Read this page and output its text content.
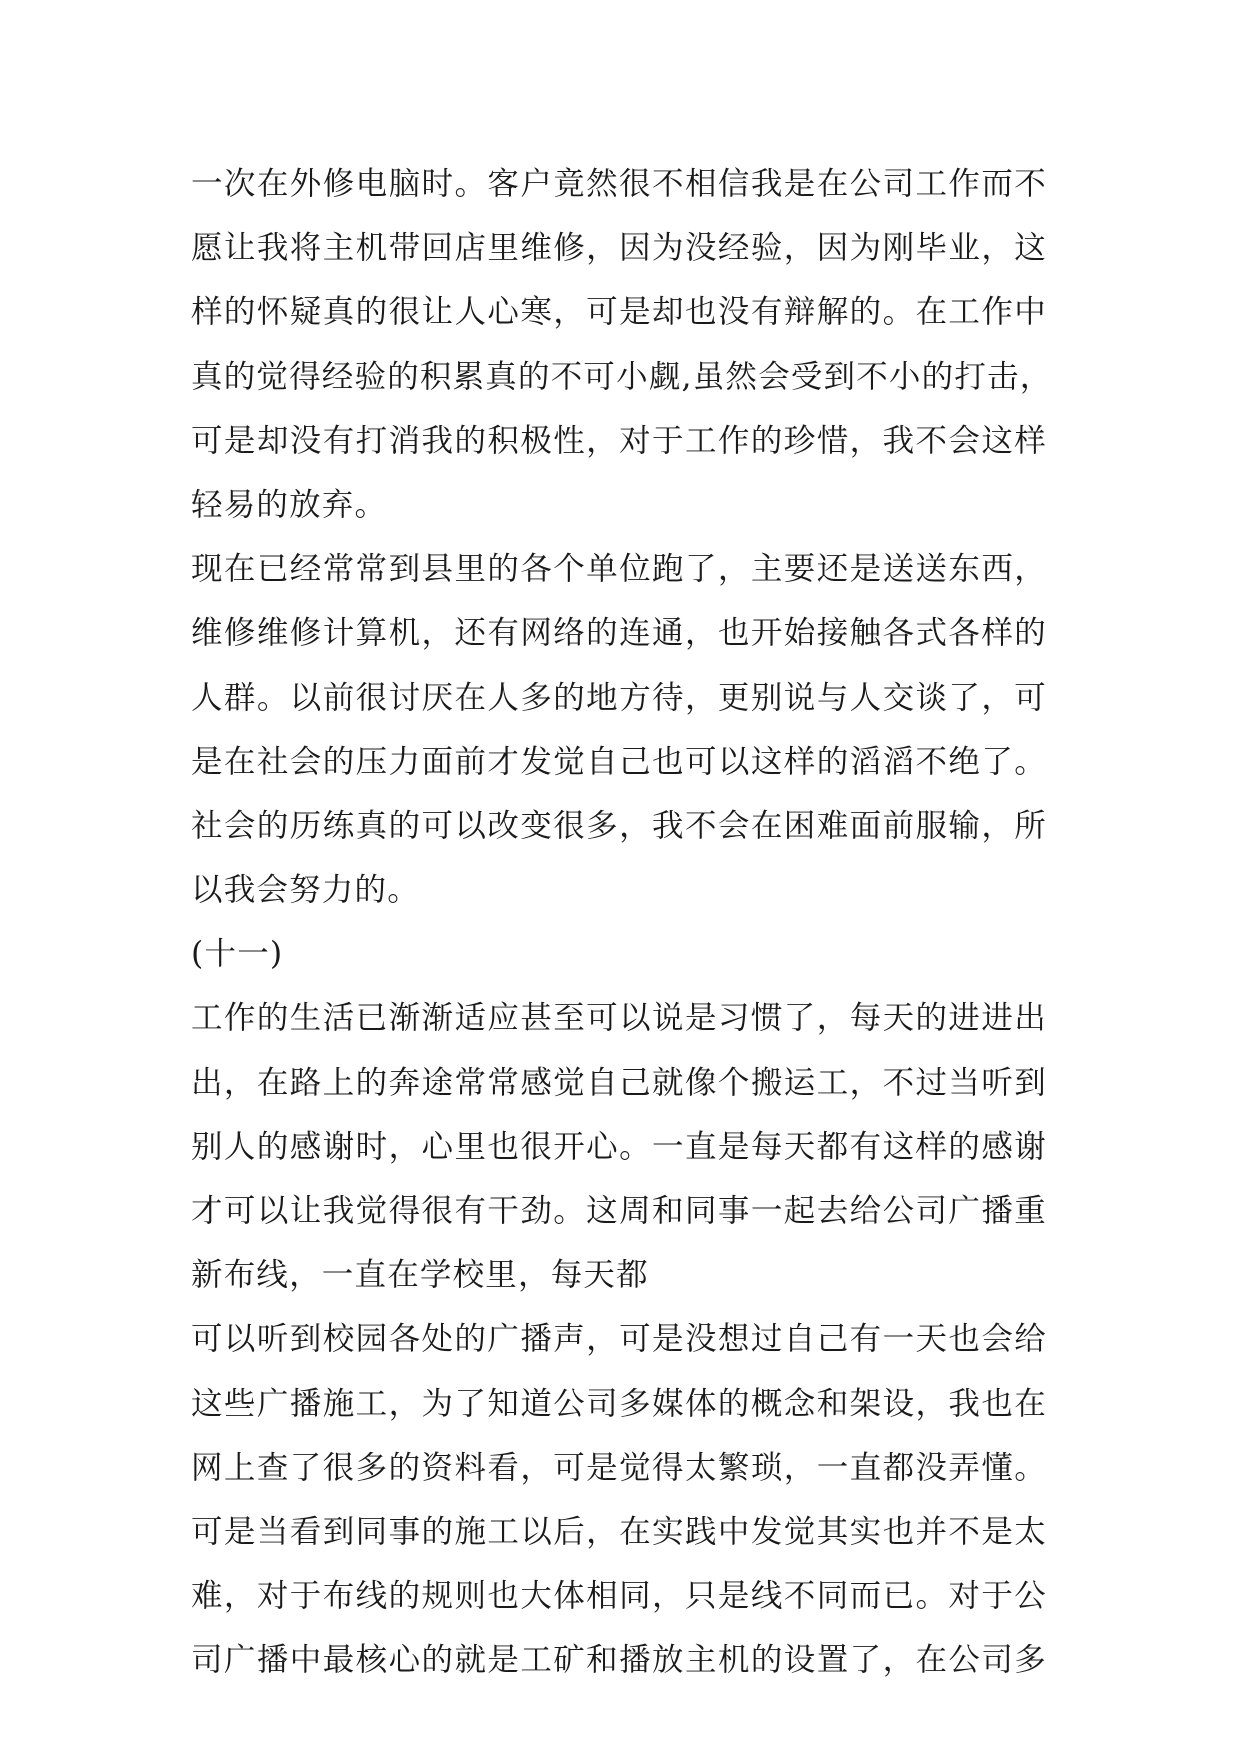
一次在外修电脑时。客户竟然很不相信我是在公司工作而不
愿让我将主机带回店里维修，因为没经验，因为刚毕业，这
样的怀疑真的很让人心寒，可是却也没有辩解的。在工作中
真的觉得经验的积累真的不可小觑,虽然会受到不小的打击，
可是却没有打消我的积极性，对于工作的珍惜，我不会这样
轻易的放弃。
现在已经常常到县里的各个单位跑了，主要还是送送东西，
维修维修计算机，还有网络的连通，也开始接触各式各样的
人群。以前很讨厌在人多的地方待，更别说与人交谈了，可
是在社会的压力面前才发觉自己也可以这样的滔滔不绝了。
社会的历练真的可以改变很多，我不会在困难面前服输，所
以我会努力的。
(十一)
工作的生活已渐渐适应甚至可以说是习惯了，每天的进进出
出，在路上的奔途常常感觉自己就像个搬运工，不过当听到
别人的感谢时，心里也很开心。一直是每天都有这样的感谢
才可以让我觉得很有干劲。这周和同事一起去给公司广播重
新布线，一直在学校里，每天都
可以听到校园各处的广播声，可是没想过自己有一天也会给
这些广播施工，为了知道公司多媒体的概念和架设，我也在
网上查了很多的资料看，可是觉得太繁琐，一直都没弄懂。
可是当看到同事的施工以后，在实践中发觉其实也并不是太
难，对于布线的规则也大体相同，只是线不同而已。对于公
司广播中最核心的就是工矿和播放主机的设置了，在公司多
